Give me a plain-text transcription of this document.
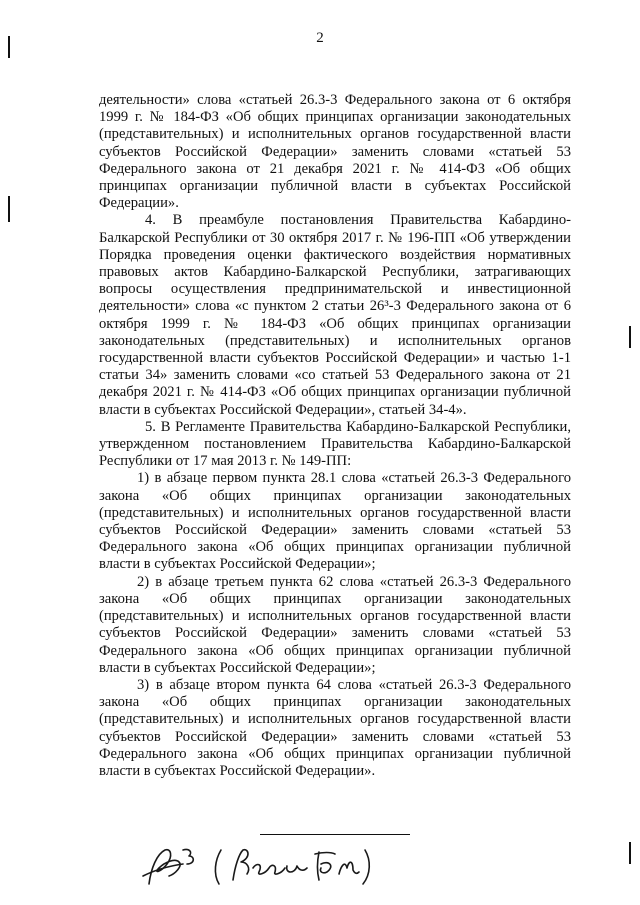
2

деятельности» слова «статьей 26.3-3 Федерального закона от 6 октября 1999 г. № 184-ФЗ «Об общих принципах организации законодательных (представительных) и исполнительных органов государственной власти субъектов Российской Федерации» заменить словами «статьей 53 Федерального закона от 21 декабря 2021 г. № 414-ФЗ «Об общих принципах организации публичной власти в субъектах Российской Федерации».

4. В преамбуле постановления Правительства Кабардино-Балкарской Республики от 30 октября 2017 г. № 196-ПП «Об утверждении Порядка проведения оценки фактического воздействия нормативных правовых актов Кабардино-Балкарской Республики, затрагивающих вопросы осуществления предпринимательской и инвестиционной деятельности» слова «с пунктом 2 статьи 26³-3 Федерального закона от 6 октября 1999 г. № 184-ФЗ «Об общих принципах организации законодательных (представительных) и исполнительных органов государственной власти субъектов Российской Федерации» и частью 1-1 статьи 34» заменить словами «со статьей 53 Федерального закона от 21 декабря 2021 г. № 414-ФЗ «Об общих принципах организации публичной власти в субъектах Российской Федерации», статьей 34-4».

5. В Регламенте Правительства Кабардино-Балкарской Республики, утвержденном постановлением Правительства Кабардино-Балкарской Республики от 17 мая 2013 г. № 149-ПП:

1) в абзаце первом пункта 28.1 слова «статьей 26.3-3 Федерального закона «Об общих принципах организации законодательных (представительных) и исполнительных органов государственной власти субъектов Российской Федерации» заменить словами «статьей 53 Федерального закона «Об общих принципах организации публичной власти в субъектах Российской Федерации»;

2) в абзаце третьем пункта 62 слова «статьей 26.3-3 Федерального закона «Об общих принципах организации законодательных (представительных) и исполнительных органов государственной власти субъектов Российской Федерации» заменить словами «статьей 53 Федерального закона «Об общих принципах организации публичной власти в субъектах Российской Федерации»;

3) в абзаце втором пункта 64 слова «статьей 26.3-3 Федерального закона «Об общих принципах организации законодательных (представительных) и исполнительных органов государственной власти субъектов Российской Федерации» заменить словами «статьей 53 Федерального закона «Об общих принципах организации публичной власти в субъектах Российской Федерации».
